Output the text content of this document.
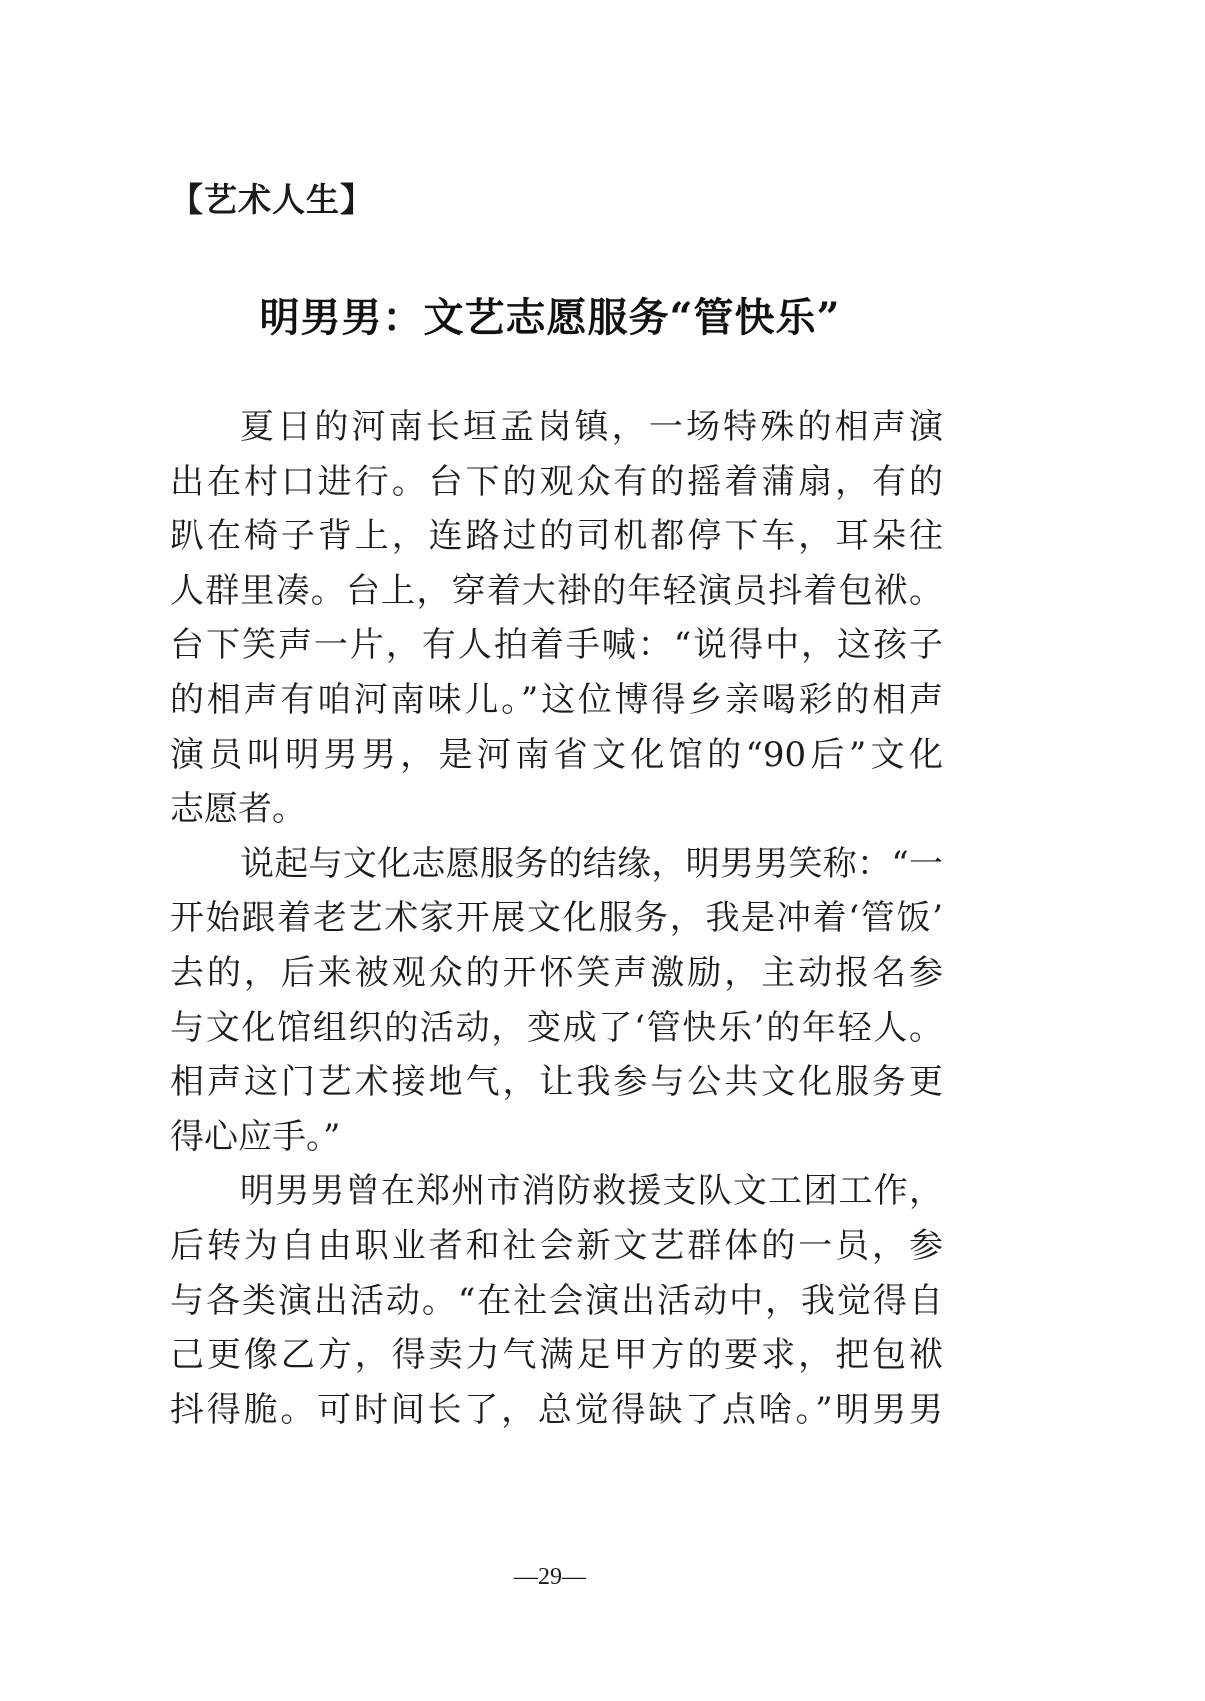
【艺术人生】
明男男：文艺志愿服务“管快乐”
夏日的河南长垣孟岗镇，一场特殊的相声演
出在村口进行。台下的观众有的摇着蒲扇，有的
趴在椅子背上，连路过的司机都停下车，耳朵往
人群里凑。台上，穿着大褂的年轻演员抖着包袱。
台下笑声一片，有人拍着手喊：“说得中，这孩子
的相声有咱河南味儿。”这位博得乡亲喝彩的相声
演员叫明男男，是河南省文化馆的“90后”文化
志愿者。
说起与文化志愿服务的结缘，明男男笑称：“一
开始跟着老艺术家开展文化服务，我是冲着‘管饭’
去的，后来被观众的开怀笑声激励，主动报名参
与文化馆组织的活动，变成了‘管快乐’的年轻人。
相声这门艺术接地气，让我参与公共文化服务更
得心应手。”
明男男曾在郑州市消防救援支队文工团工作，
后转为自由职业者和社会新文艺群体的一员，参
与各类演出活动。“在社会演出活动中，我觉得自
己更像乙方，得卖力气满足甲方的要求，把包袱
抖得脆。可时间长了，总觉得缺了点啥。”明男男
—29—
